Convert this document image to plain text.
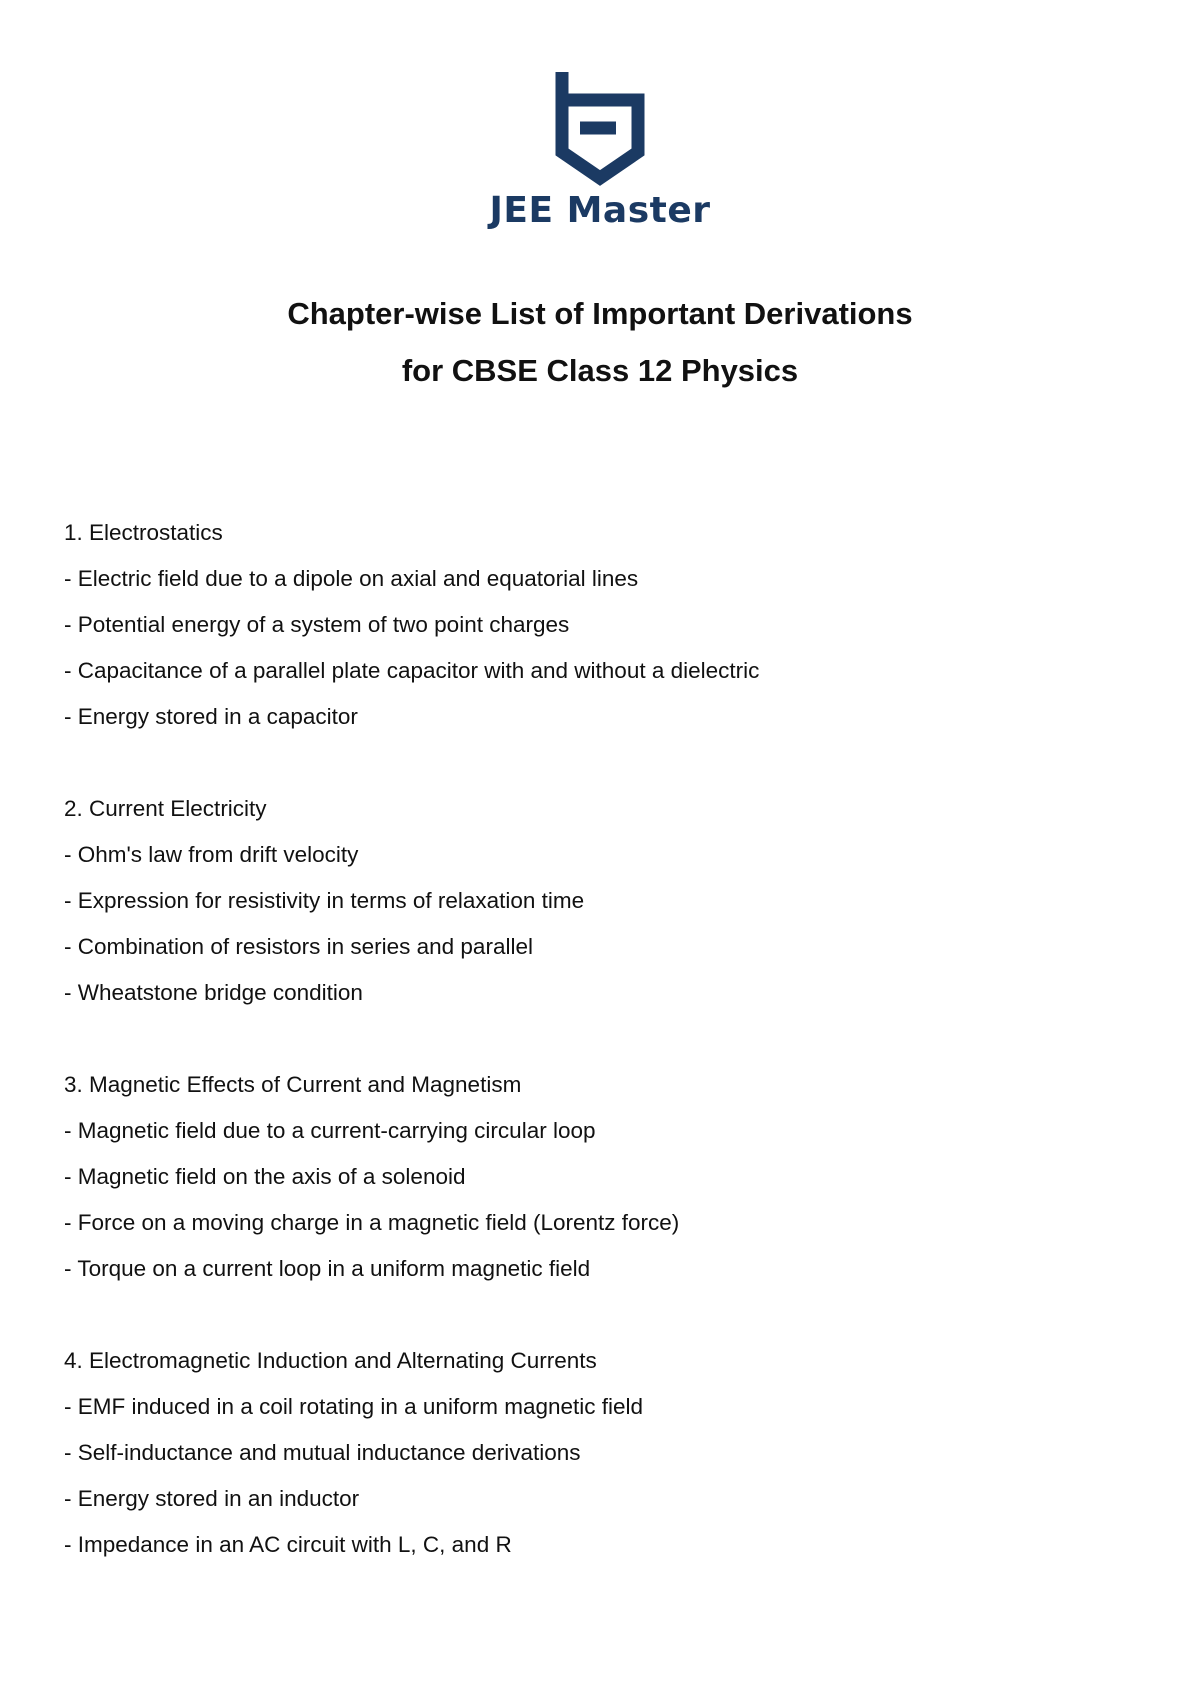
JEE Master
Chapter-wise List of Important Derivations
for CBSE Class 12 Physics
1. Electrostatics
- Electric field due to a dipole on axial and equatorial lines
- Potential energy of a system of two point charges
- Capacitance of a parallel plate capacitor with and without a dielectric
- Energy stored in a capacitor
2. Current Electricity
- Ohm's law from drift velocity
- Expression for resistivity in terms of relaxation time
- Combination of resistors in series and parallel
- Wheatstone bridge condition
3. Magnetic Effects of Current and Magnetism
- Magnetic field due to a current-carrying circular loop
- Magnetic field on the axis of a solenoid
- Force on a moving charge in a magnetic field (Lorentz force)
- Torque on a current loop in a uniform magnetic field
4. Electromagnetic Induction and Alternating Currents
- EMF induced in a coil rotating in a uniform magnetic field
- Self-inductance and mutual inductance derivations
- Energy stored in an inductor
- Impedance in an AC circuit with L, C, and R
